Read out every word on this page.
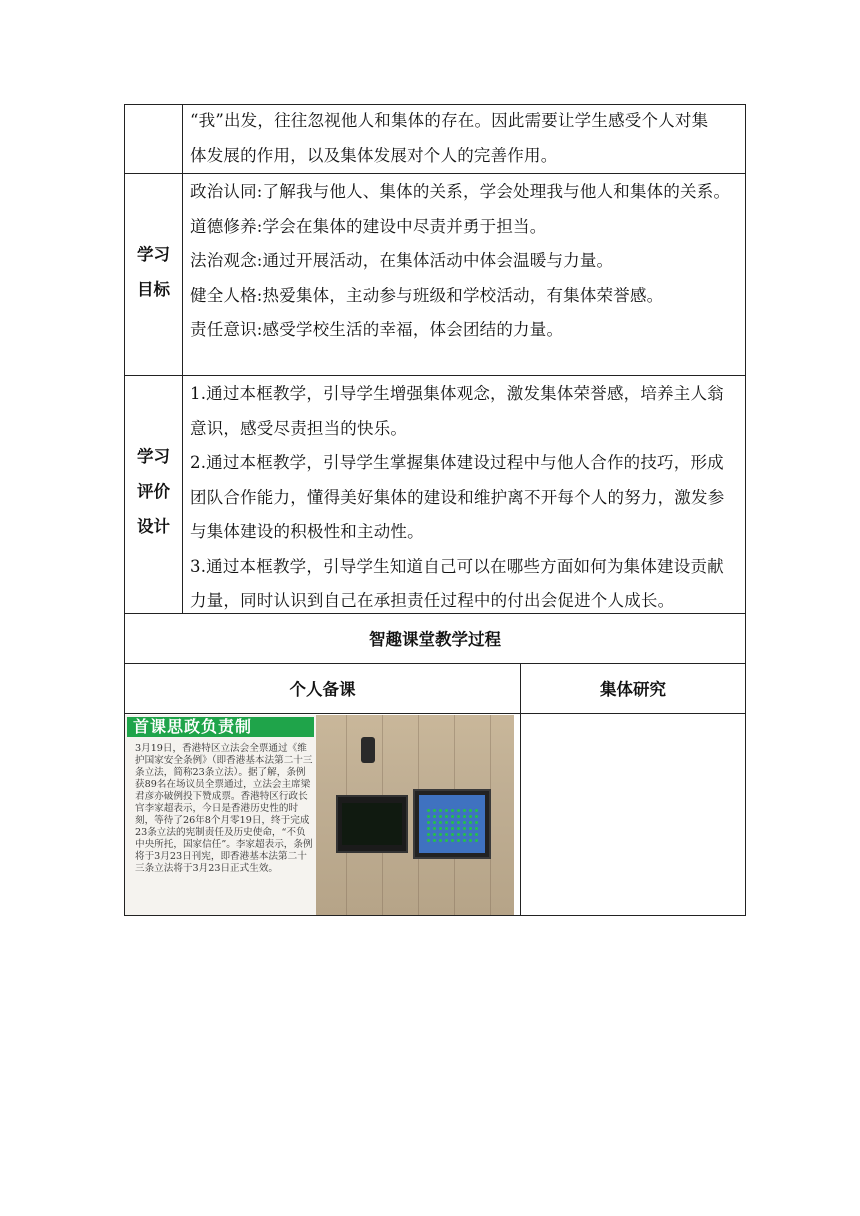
“我”出发，往往忽视他人和集体的存在。因此需要让学生感受个人对集

体发展的作用，以及集体发展对个人的完善作用。

学习
目标

政治认同:了解我与他人、集体的关系，学会处理我与他人和集体的关系。

道德修养:学会在集体的建设中尽责并勇于担当。

法治观念:通过开展活动，在集体活动中体会温暖与力量。

健全人格:热爱集体，主动参与班级和学校活动，有集体荣誉感。

责任意识:感受学校生活的幸福，体会团结的力量。

学习
评价
设计

1.通过本框教学，引导学生增强集体观念，激发集体荣誉感，培养主人翁

意识，感受尽责担当的快乐。

2.通过本框教学，引导学生掌握集体建设过程中与他人合作的技巧，形成

团队合作能力，懂得美好集体的建设和维护离不开每个人的努力，激发参

与集体建设的积极性和主动性。

3.通过本框教学，引导学生知道自己可以在哪些方面如何为集体建设贡献

力量，同时认识到自己在承担责任过程中的付出会促进个人成长。

智趣课堂教学过程
个人备课	集体研究
首课思政负责制
3月19日，香港特区立法会全票通过《维护国家安全条例》（即香港基本法第二十三条立法，简称23条立法）。据了解，条例获89名在场议员全票通过，立法会主席梁君彦亦破例投下赞成票。香港特区行政长官李家超表示，今日是香港历史性的时刻，等待了26年8个月零19日，终于完成23条立法的宪制责任及历史使命，“不负中央所托，国家信任”。李家超表示，条例将于3月23日刊宪，即香港基本法第二十三条立法将于3月23日正式生效。
